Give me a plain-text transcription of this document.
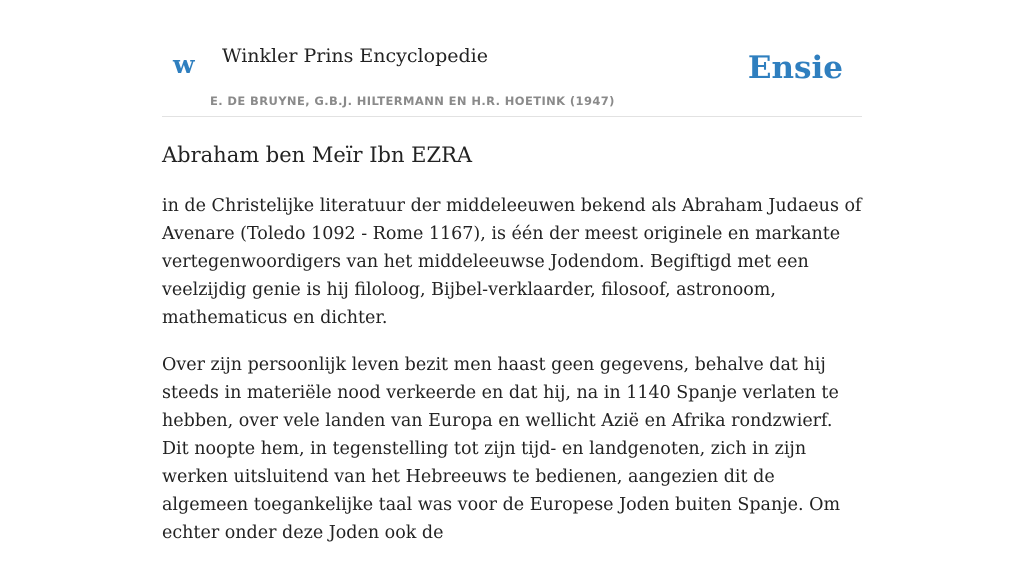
w Winkler Prins Encyclopedie
E. DE BRUYNE, G.B.J. HILTERMANN EN H.R. HOETINK (1947)
Ensie
Abraham ben Meïr Ibn EZRA

in de Christelijke literatuur der middeleeuwen bekend als Abraham Judaeus of Avenare (Toledo 1092 - Rome 1167), is één der meest originele en markante vertegenwoordigers van het middeleeuwse Jodendom. Begiftigd met een veelzijdig genie is hij filoloog, Bijbel-verklaarder, filosoof, astronoom, mathematicus en dichter.

Over zijn persoonlijk leven bezit men haast geen gegevens, behalve dat hij steeds in materiële nood verkeerde en dat hij, na in 1140 Spanje verlaten te hebben, over vele landen van Europa en wellicht Azië en Afrika rondzwierf. Dit noopte hem, in tegenstelling tot zijn tijd- en landgenoten, zich in zijn werken uitsluitend van het Hebreeuws te bedienen, aangezien dit de algemeen toegankelijke taal was voor de Europese Joden buiten Spanje. Om echter onder deze Joden ook de
